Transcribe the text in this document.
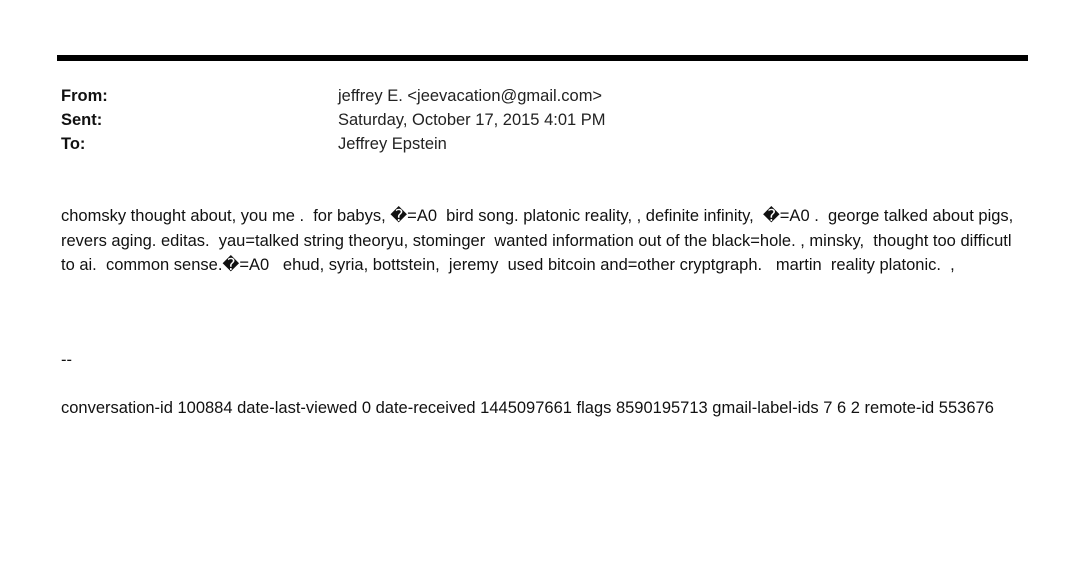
From:	jeffrey E. <jeevacation@gmail.com>
Sent:	Saturday, October 17, 2015 4:01 PM
To:	Jeffrey Epstein
chomsky thought about, you me .  for babys, �=A0  bird song. platonic reality, , definite infinity,  �=A0 .  george talked about pigs,  revers aging. editas.  yau=talked string theoryu, stominger  wanted information out of the black=hole. , minsky,  thought too difficutl to ai.  common sense.�=A0   ehud, syria, bottstein,  jeremy  used bitcoin and=other cryptgraph.   martin  reality platonic.  ,
--
conversation-id 100884 date-last-viewed 0 date-received 1445097661 flags 8590195713 gmail-label-ids 7 6 2 remote-id 553676
